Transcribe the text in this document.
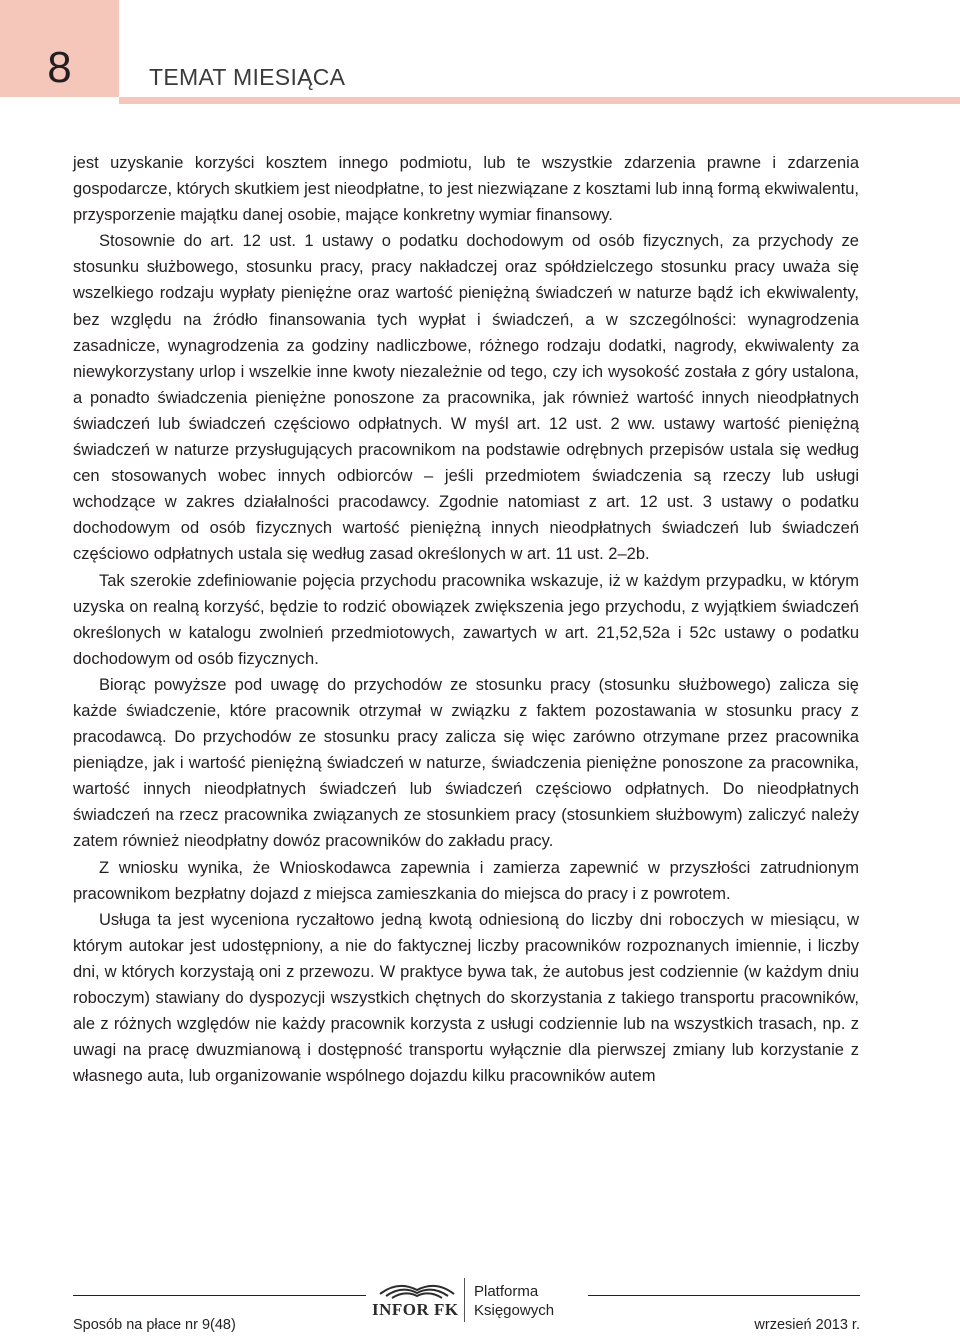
8	TEMAT MIESIĄCA

jest uzyskanie korzyści kosztem innego podmiotu, lub te wszystkie zdarzenia prawne i zdarzenia gospodarcze, których skutkiem jest nieodpłatne, to jest niezwiązane z kosztami lub inną formą ekwiwalentu, przysporzenie majątku danej osobie, mające konkretny wymiar finansowy.

Stosownie do art. 12 ust. 1 ustawy o podatku dochodowym od osób fizycznych, za przychody ze stosunku służbowego, stosunku pracy, pracy nakładczej oraz spółdzielczego stosunku pracy uważa się wszelkiego rodzaju wypłaty pieniężne oraz wartość pieniężną świadczeń w naturze bądź ich ekwiwalenty, bez względu na źródło finansowania tych wypłat i świadczeń, a w szczególności: wynagrodzenia zasadnicze, wynagrodzenia za godziny nadliczbowe, różnego rodzaju dodatki, nagrody, ekwiwalenty za niewykorzystany urlop i wszelkie inne kwoty niezależnie od tego, czy ich wysokość została z góry ustalona, a ponadto świadczenia pieniężne ponoszone za pracownika, jak również wartość innych nieodpłatnych świadczeń lub świadczeń częściowo odpłatnych. W myśl art. 12 ust. 2 ww. ustawy wartość pieniężną świadczeń w naturze przysługujących pracownikom na podstawie odrębnych przepisów ustala się według cen stosowanych wobec innych odbiorców – jeśli przedmiotem świadczenia są rzeczy lub usługi wchodzące w zakres działalności pracodawcy. Zgodnie natomiast z art. 12 ust. 3 ustawy o podatku dochodowym od osób fizycznych wartość pieniężną innych nieodpłatnych świadczeń lub świadczeń częściowo odpłatnych ustala się według zasad określonych w art. 11 ust. 2–2b.

Tak szerokie zdefiniowanie pojęcia przychodu pracownika wskazuje, iż w każdym przypadku, w którym uzyska on realną korzyść, będzie to rodzić obowiązek zwiększenia jego przychodu, z wyjątkiem świadczeń określonych w katalogu zwolnień przedmiotowych, zawartych w art. 21,52,52a i 52c ustawy o podatku dochodowym od osób fizycznych.

Biorąc powyższe pod uwagę do przychodów ze stosunku pracy (stosunku służbowego) zalicza się każde świadczenie, które pracownik otrzymał w związku z faktem pozostawania w stosunku pracy z pracodawcą. Do przychodów ze stosunku pracy zalicza się więc zarówno otrzymane przez pracownika pieniądze, jak i wartość pieniężną świadczeń w naturze, świadczenia pieniężne ponoszone za pracownika, wartość innych nieodpłatnych świadczeń lub świadczeń częściowo odpłatnych. Do nieodpłatnych świadczeń na rzecz pracownika związanych ze stosunkiem pracy (stosunkiem służbowym) zaliczyć należy zatem również nieodpłatny dowóz pracowników do zakładu pracy.

Z wniosku wynika, że Wnioskodawca zapewnia i zamierza zapewnić w przyszłości zatrudnionym pracownikom bezpłatny dojazd z miejsca zamieszkania do miejsca do pracy i z powrotem.

Usługa ta jest wyceniona ryczałtowo jedną kwotą odniesioną do liczby dni roboczych w miesiącu, w którym autokar jest udostępniony, a nie do faktycznej liczby pracowników rozpoznanych imiennie, i liczby dni, w których korzystają oni z przewozu. W praktyce bywa tak, że autobus jest codziennie (w każdym dniu roboczym) stawiany do dyspozycji wszystkich chętnych do skorzystania z takiego transportu pracowników, ale z różnych względów nie każdy pracownik korzysta z usługi codziennie lub na wszystkich trasach, np. z uwagi na pracę dwuzmianową i dostępność transportu wyłącznie dla pierwszej zmiany lub korzystanie z własnego auta, lub organizowanie wspólnego dojazdu kilku pracowników autem

INFOR FK
Platforma
Księgowych
Sposób na płace nr 9(48)	wrzesień 2013 r.
